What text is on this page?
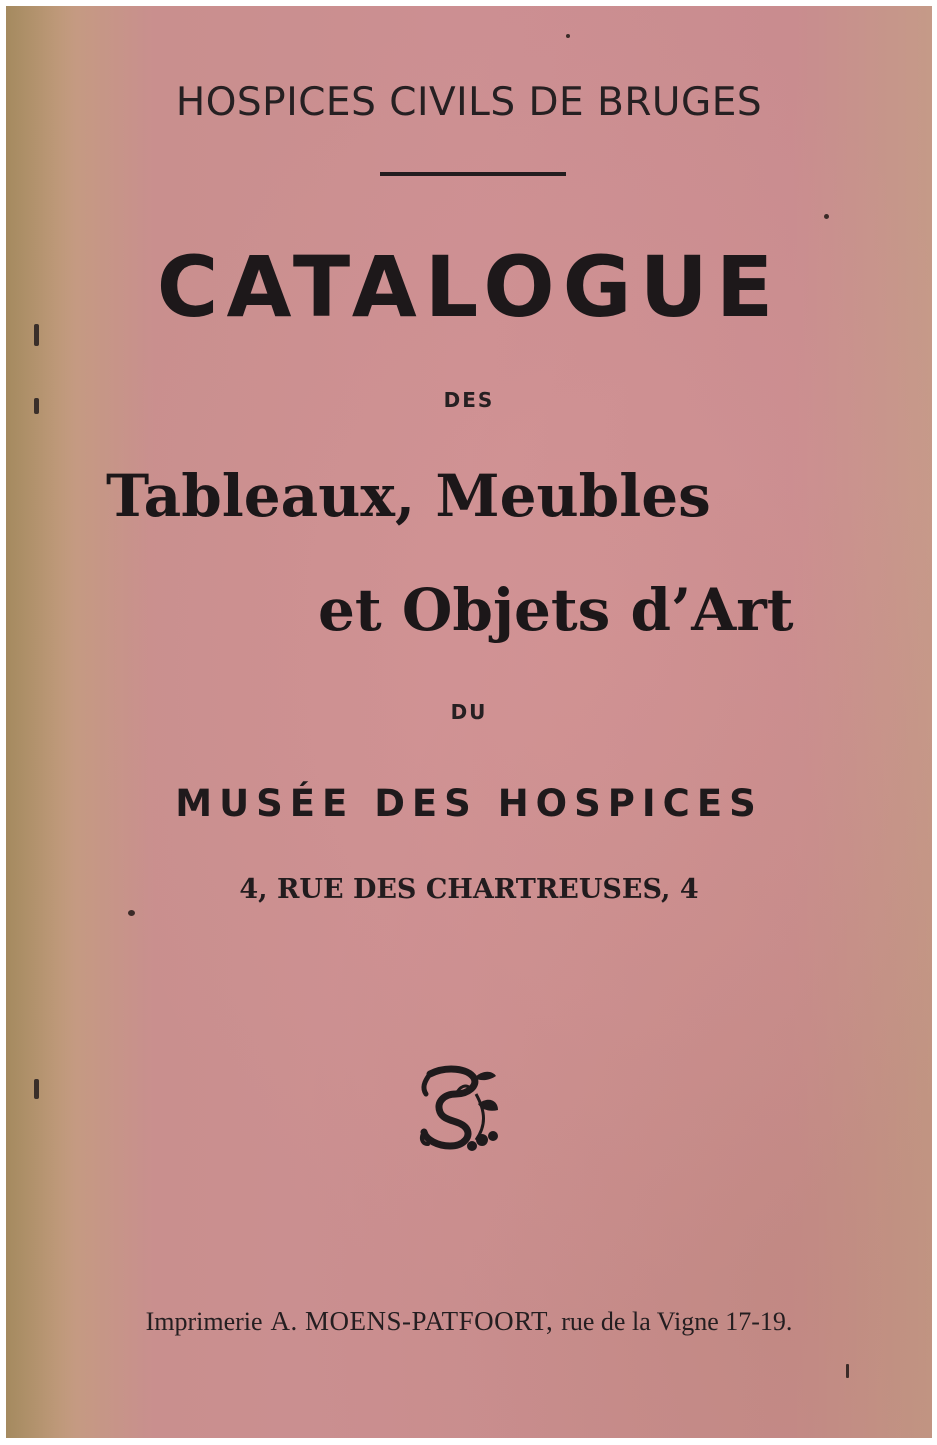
HOSPICES CIVILS DE BRUGES

CATALOGUE

DES

Tableaux, Meubles

et Objets d’Art

DU

MUSÉE DES HOSPICES

4, RUE DES CHARTREUSES, 4

Imprimerie A. MOENS-PATFOORT, rue de la Vigne 17-19.
